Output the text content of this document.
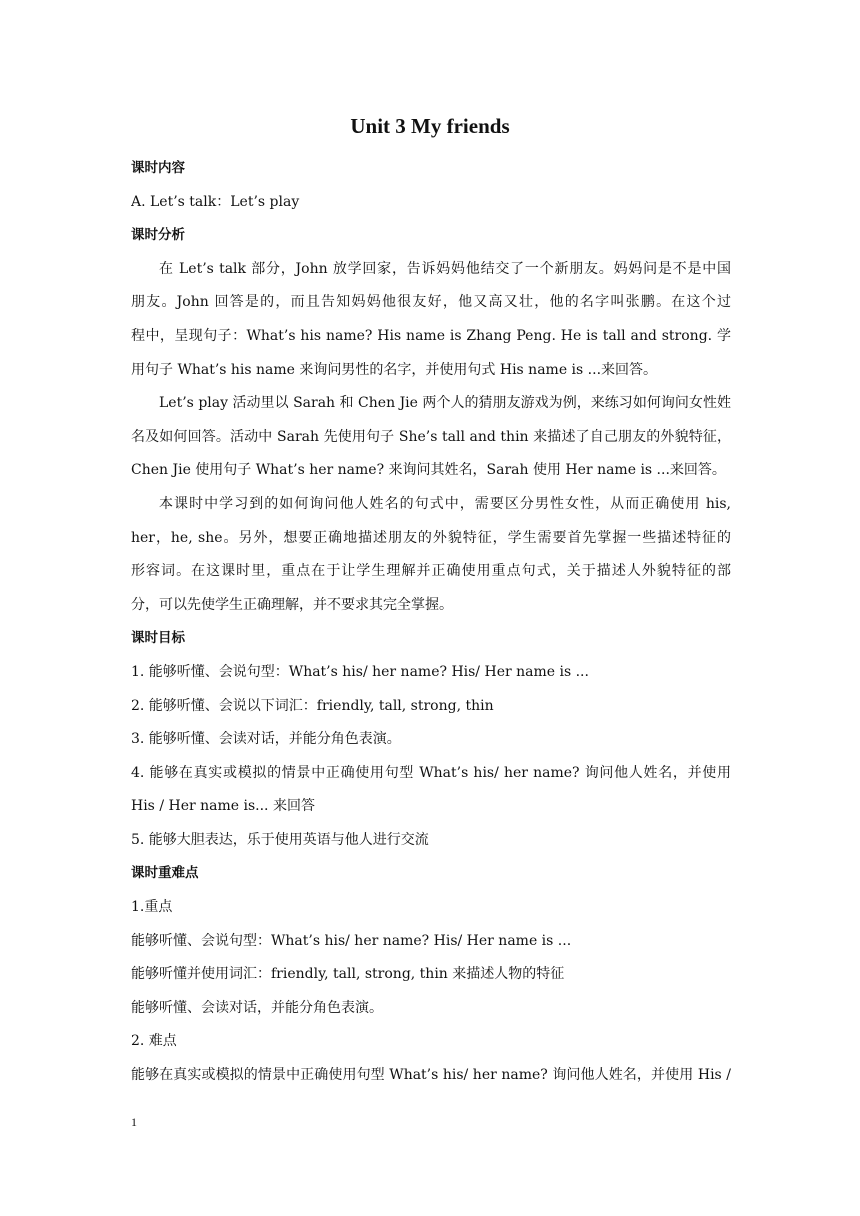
Unit 3 My friends
课时内容
A. Let’s talk：Let’s play
课时分析
在 Let’s talk 部分，John 放学回家，告诉妈妈他结交了一个新朋友。妈妈问是不是中国
朋友。John 回答是的，而且告知妈妈他很友好，他又高又壮，他的名字叫张鹏。在这个过
程中，呈现句子：What’s his name? His name is Zhang Peng. He is tall and strong. 学
用句子 What’s his name 来询问男性的名字，并使用句式 His name is ...来回答。
Let’s play 活动里以 Sarah 和 Chen Jie 两个人的猜朋友游戏为例，来练习如何询问女性姓
名及如何回答。活动中 Sarah 先使用句子 She’s tall and thin 来描述了自己朋友的外貌特征，
Chen Jie 使用句子 What’s her name? 来询问其姓名，Sarah 使用 Her name is ...来回答。
本课时中学习到的如何询问他人姓名的句式中，需要区分男性女性，从而正确使用 his,
her，he, she。另外，想要正确地描述朋友的外貌特征，学生需要首先掌握一些描述特征的
形容词。在这课时里，重点在于让学生理解并正确使用重点句式，关于描述人外貌特征的部
分，可以先使学生正确理解，并不要求其完全掌握。
课时目标
1. 能够听懂、会说句型：What’s his/ her name? His/ Her name is ...
2. 能够听懂、会说以下词汇：friendly, tall, strong, thin
3. 能够听懂、会读对话，并能分角色表演。
4. 能够在真实或模拟的情景中正确使用句型 What’s his/ her name? 询问他人姓名，并使用
His / Her name is... 来回答
5. 能够大胆表达，乐于使用英语与他人进行交流
课时重难点
1.重点
能够听懂、会说句型：What’s his/ her name? His/ Her name is ...
能够听懂并使用词汇：friendly, tall, strong, thin 来描述人物的特征
能够听懂、会读对话，并能分角色表演。
2. 难点
能够在真实或模拟的情景中正确使用句型 What’s his/ her name? 询问他人姓名，并使用 His /
1
